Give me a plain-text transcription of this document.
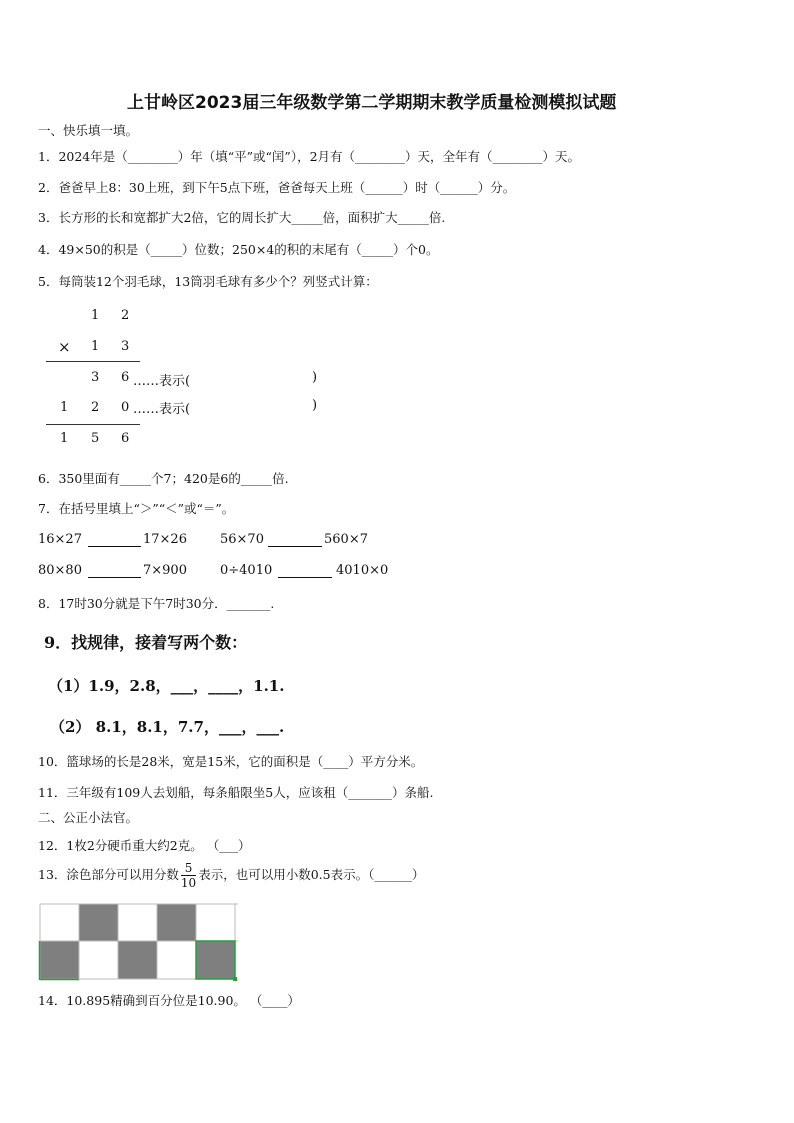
上甘岭区2023届三年级数学第二学期期末教学质量检测模拟试题
一、快乐填一填。
1．2024年是（________）年（填“平”或“闰”），2月有（________）天，全年有（________）天。
2．爸爸早上8：30上班，到下午5点下班，爸爸每天上班（______）时（______）分。
3．长方形的长和宽都扩大2倍，它的周长扩大_____倍，面积扩大_____倍.
4．49×50的积是（_____）位数；250×4的积的末尾有（_____）个0。
5．每筒装12个羽毛球，13筒羽毛球有多少个？列竖式计算：
1 2
× 1 3
3 6 ……表示(	)
1 2 0 ……表示(	)
1 5 6
6．350里面有_____个7；420是6的_____倍.
7．在括号里填上“＞”“＜”或“＝”。
16×27	17×26	56×70	560×7
80×80	7×900	0÷4010	4010×0
8．17时30分就是下午7时30分．_______.
9．找规律，接着写两个数：
（1）1.9，2.8，___，____，1.1.
（2） 8.1，8.1，7.7，___，___.
10．篮球场的长是28米，宽是15米，它的面积是（____）平方分米。
11．三年级有109人去划船，每条船限坐5人，应该租（_______）条船.
二、公正小法官。
12．1枚2分硬币重大约2克。 （___）
13．涂色部分可以用分数 $\frac{5}{10}$ 表示，也可以用小数0.5表示。（______）
14．10.895精确到百分位是10.90。 （____）
